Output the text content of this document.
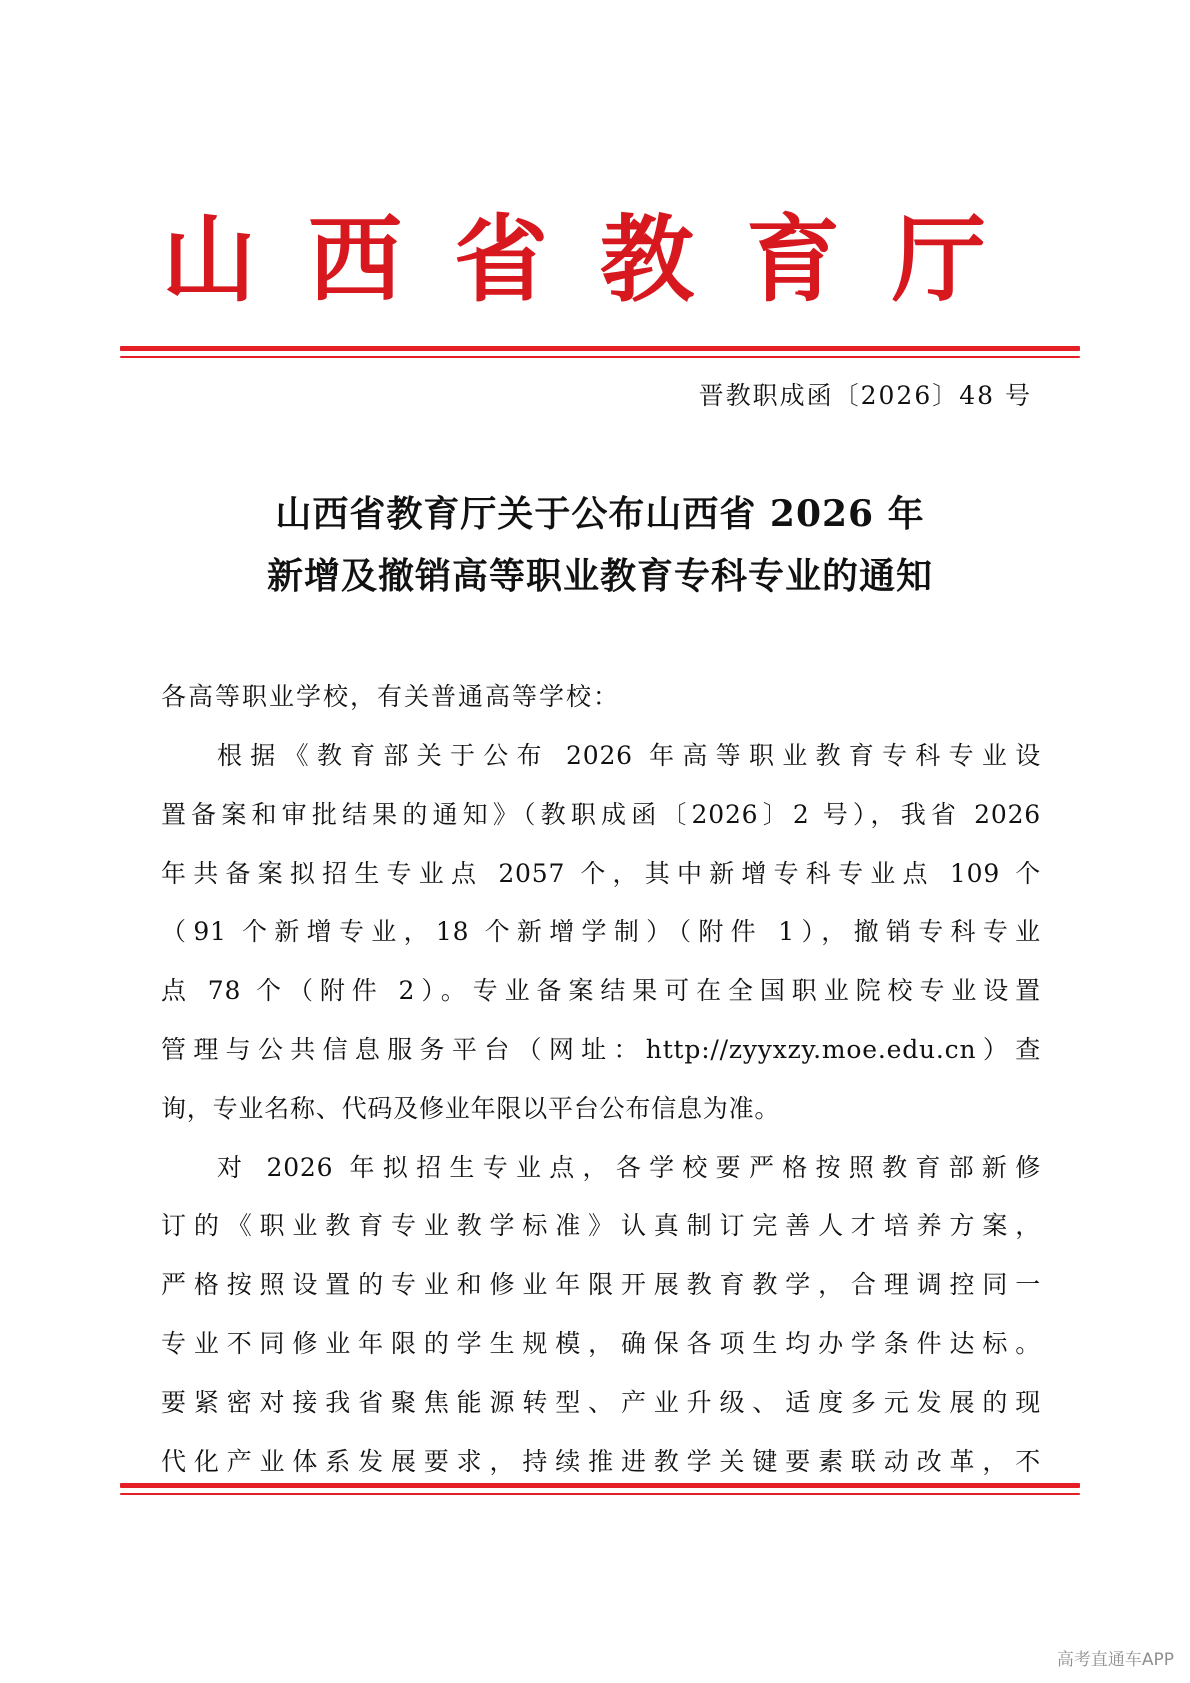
山西省教育厅

晋教职成函〔2026〕48 号

山西省教育厅关于公布山西省 2026 年
新增及撤销高等职业教育专科专业的通知

各高等职业学校，有关普通高等学校：

根据《教育部关于公布 2026 年高等职业教育专科专业设
置备案和审批结果的通知》（教职成函〔2026〕2 号），我省 2026
年共备案拟招生专业点 2057 个，其中新增专科专业点 109 个
（91 个新增专业，18 个新增学制）（附件 1），撤销专科专业
点 78 个（附件 2）。专业备案结果可在全国职业院校专业设置
管理与公共信息服务平台（网址：http://zyyxzy.moe.edu.cn）查
询，专业名称、代码及修业年限以平台公布信息为准。
对 2026 年拟招生专业点，各学校要严格按照教育部新修
订的《职业教育专业教学标准》认真制订完善人才培养方案，
严格按照设置的专业和修业年限开展教育教学，合理调控同一
专业不同修业年限的学生规模，确保各项生均办学条件达标。
要紧密对接我省聚焦能源转型、产业升级、适度多元发展的现
代化产业体系发展要求，持续推进教学关键要素联动改革，不

高考直通车APP
